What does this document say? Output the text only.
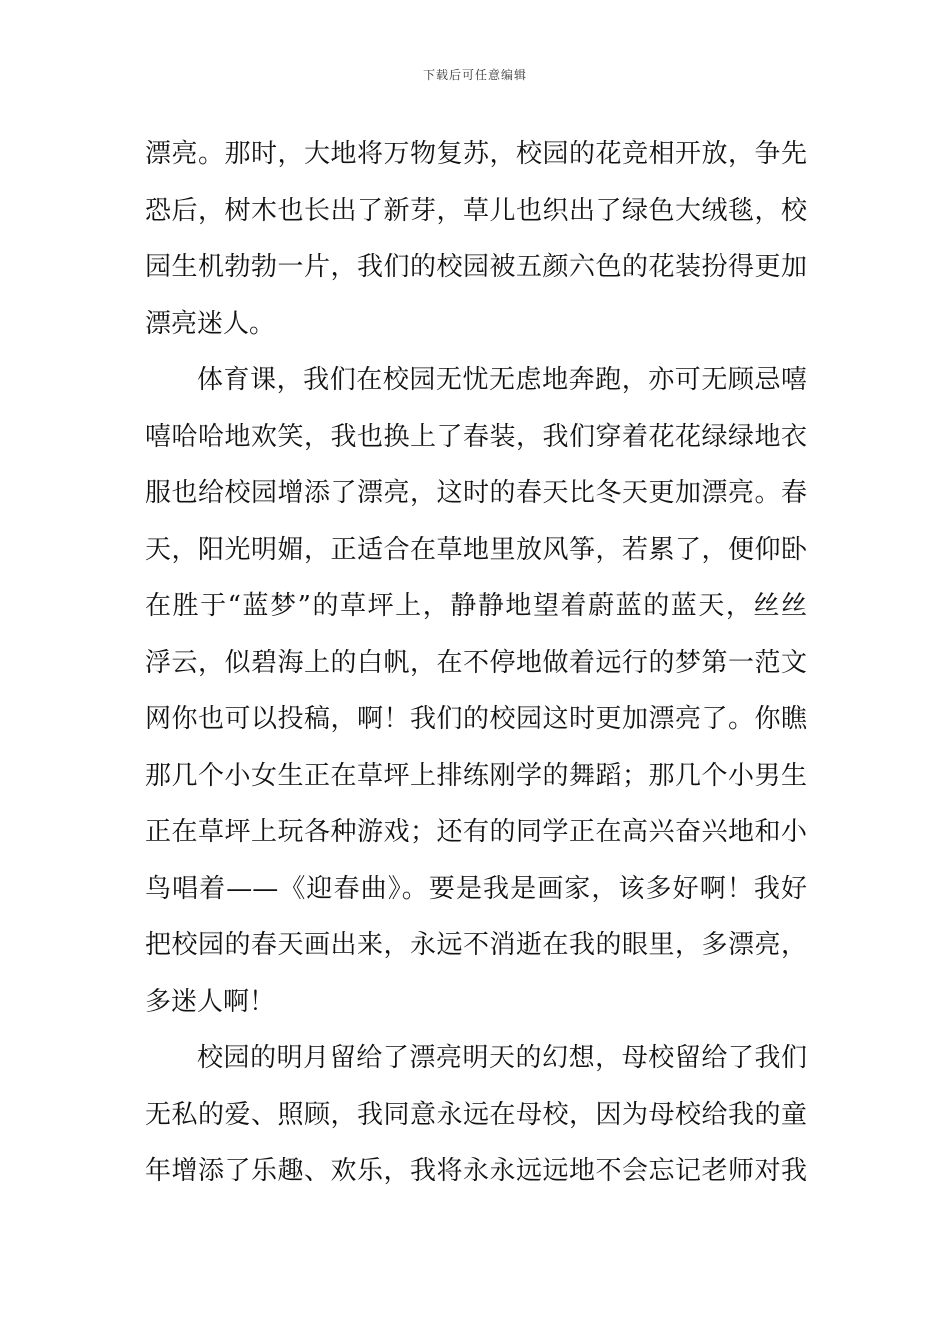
下载后可任意编辑
漂亮。那时，大地将万物复苏，校园的花竞相开放，争先
恐后，树木也长出了新芽，草儿也织出了绿色大绒毯，校
园生机勃勃一片，我们的校园被五颜六色的花装扮得更加
漂亮迷人。
体育课，我们在校园无忧无虑地奔跑，亦可无顾忌嘻
嘻哈哈地欢笑，我也换上了春装，我们穿着花花绿绿地衣
服也给校园增添了漂亮，这时的春天比冬天更加漂亮。春
天，阳光明媚，正适合在草地里放风筝，若累了，便仰卧
在胜于“蓝梦”的草坪上，静静地望着蔚蓝的蓝天，丝丝
浮云，似碧海上的白帆，在不停地做着远行的梦第一范文
网你也可以投稿，啊！我们的校园这时更加漂亮了。你瞧
那几个小女生正在草坪上排练刚学的舞蹈；那几个小男生
正在草坪上玩各种游戏；还有的同学正在高兴奋兴地和小
鸟唱着——《迎春曲》。要是我是画家，该多好啊！我好
把校园的春天画出来，永远不消逝在我的眼里，多漂亮，
多迷人啊！
校园的明月留给了漂亮明天的幻想，母校留给了我们
无私的爱、照顾，我同意永远在母校，因为母校给我的童
年增添了乐趣、欢乐，我将永永远远地不会忘记老师对我
